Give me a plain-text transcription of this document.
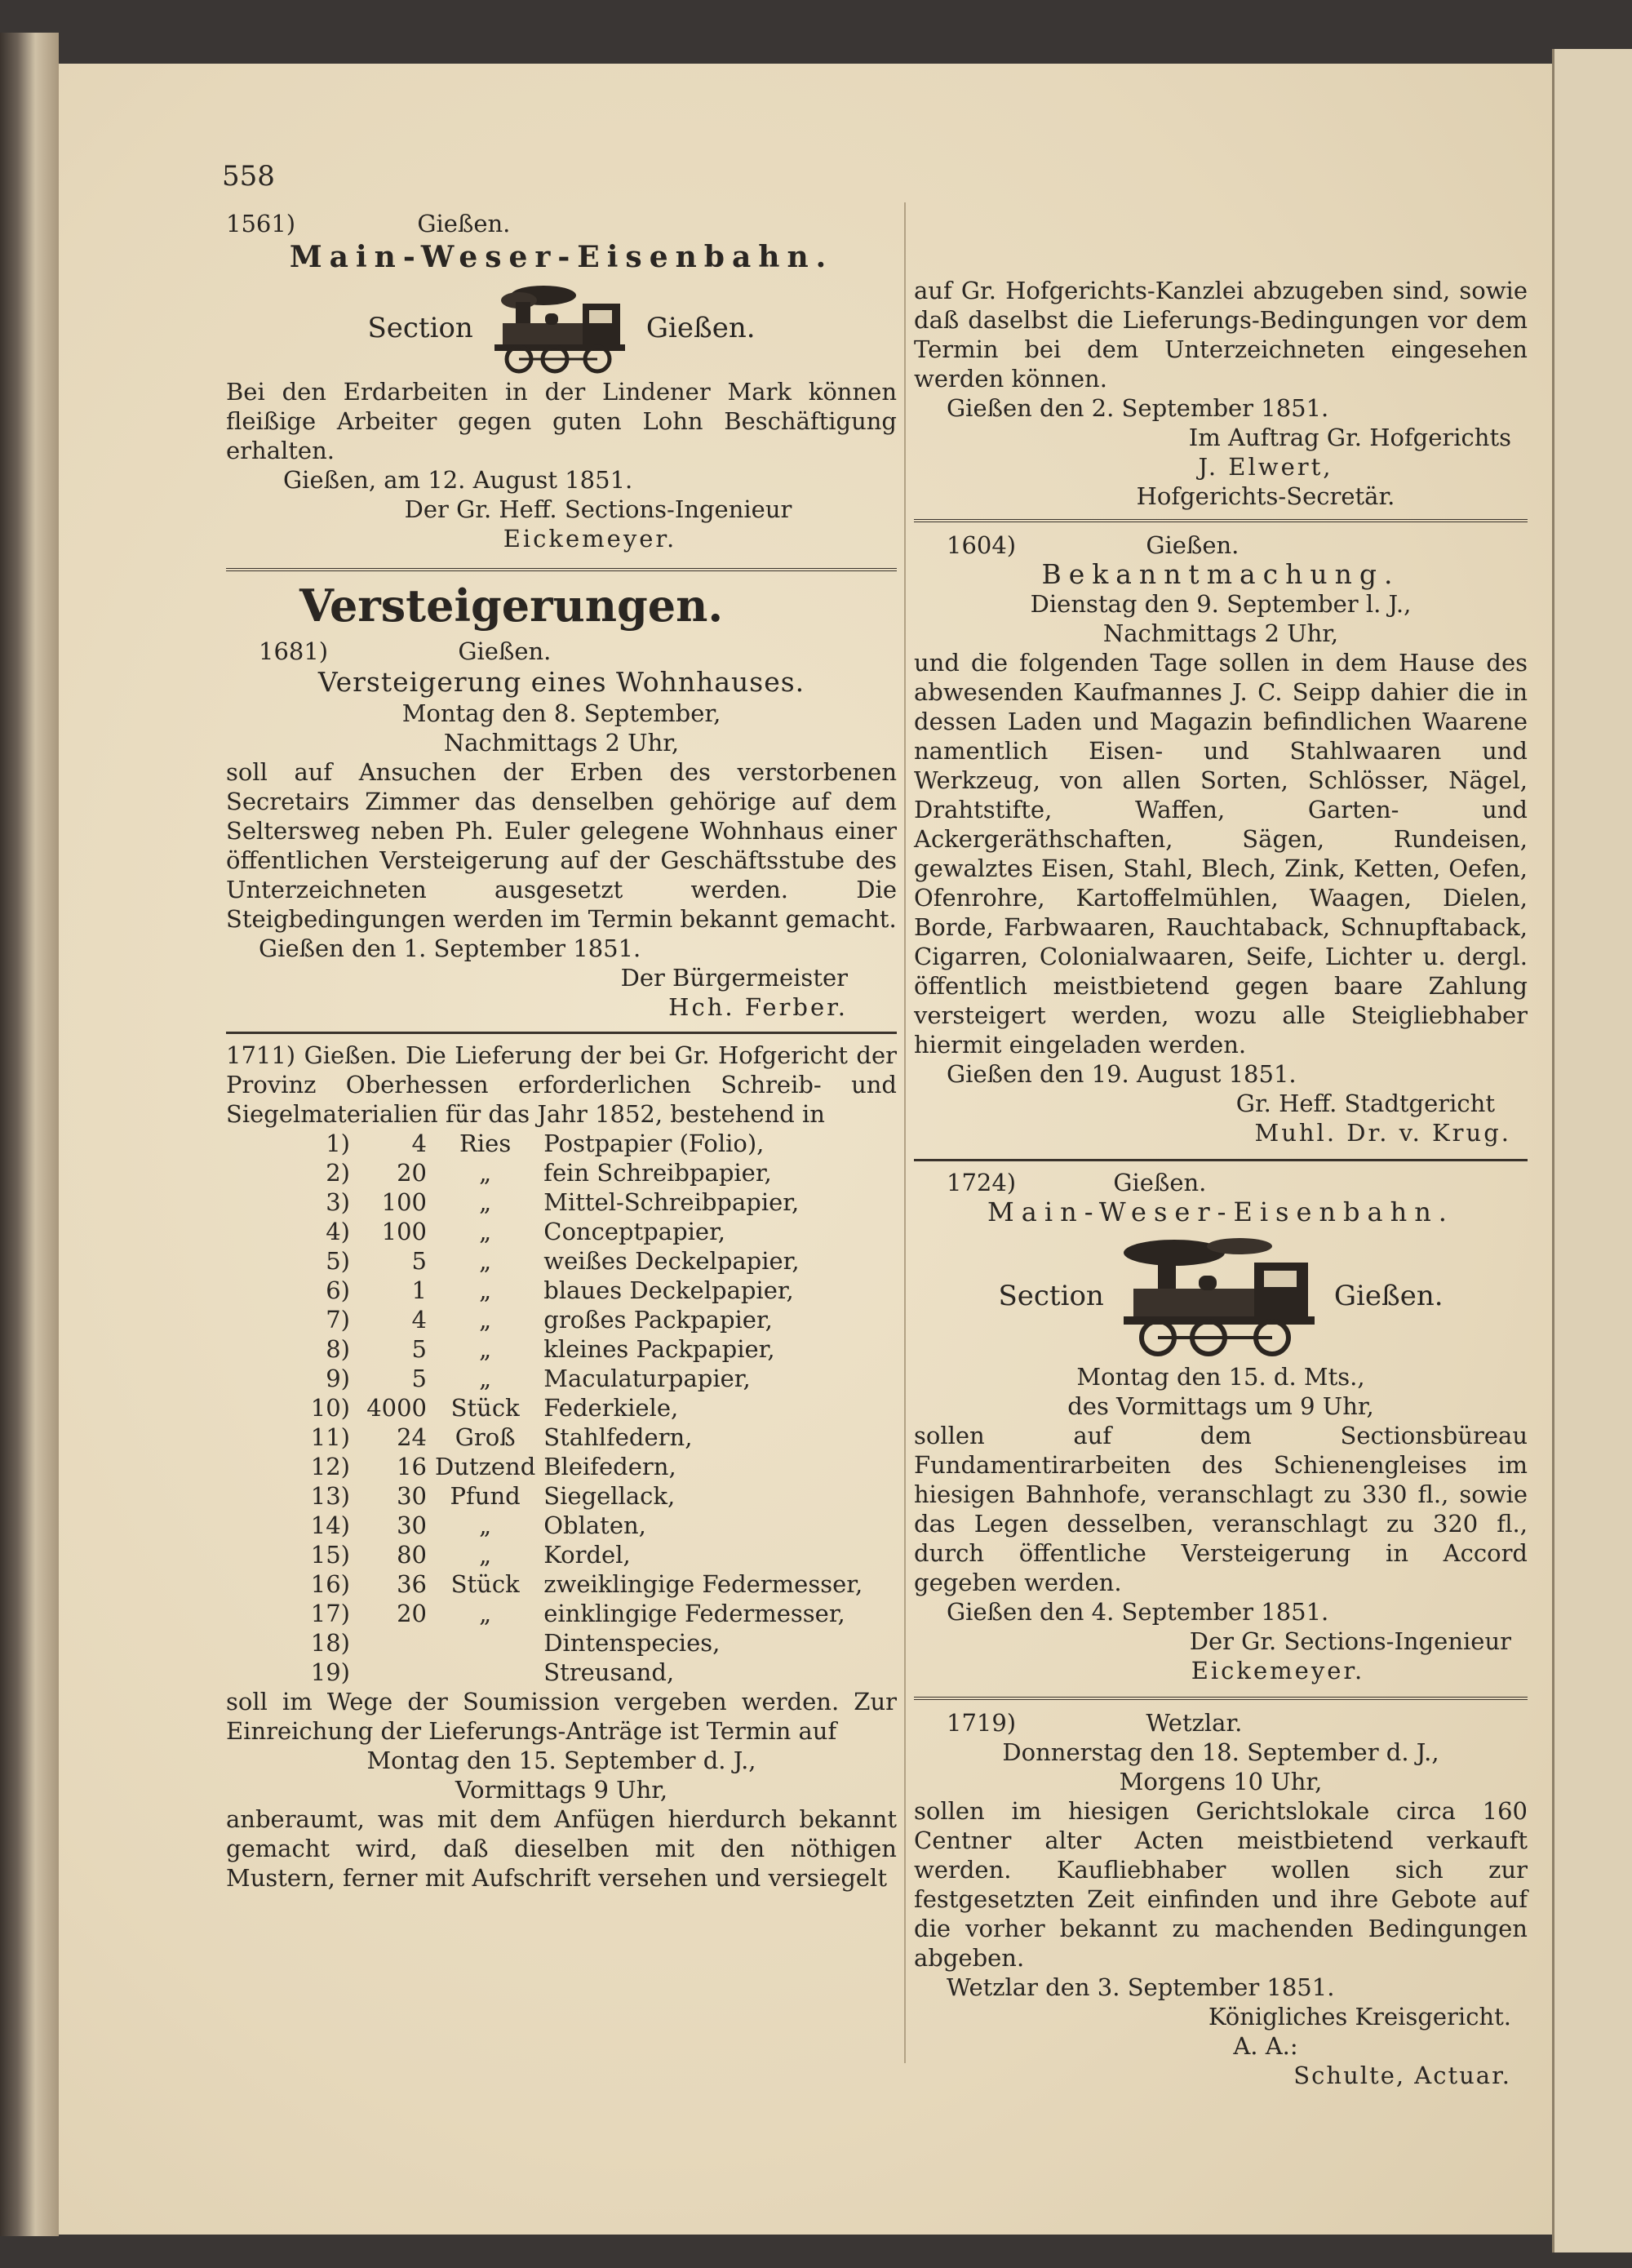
558

1561)	Gießen.

Main-Weser-Eisenbahn.

Section	Gießen.

Bei den Erdarbeiten in der Lindener Mark können fleißige Arbeiter gegen guten Lohn Beschäftigung erhalten.

Gießen, am 12. August 1851.

Der Gr. Heff. Sections-Ingenieur

Eickemeyer.

Versteigerungen.

1681)	Gießen.

Versteigerung eines Wohnhauses.

Montag den 8. September,

Nachmittags 2 Uhr,

soll auf Ansuchen der Erben des verstorbenen Secretairs Zimmer das denselben gehörige auf dem Seltersweg neben Ph. Euler gelegene Wohnhaus einer öffentlichen Versteigerung auf der Geschäftsstube des Unterzeichneten ausgesetzt werden. Die Steigbedingungen werden im Termin bekannt gemacht.

Gießen den 1. September 1851.

Der Bürgermeister

Hch. Ferber.

1711) Gießen. Die Lieferung der bei Gr. Hofgericht der Provinz Oberhessen erforderlichen Schreib- und Siegelmaterialien für das Jahr 1852, bestehend in

1)	4	Ries	Postpapier (Folio),
2)	20	„	fein Schreibpapier,
3)	100	„	Mittel-Schreibpapier,
4)	100	„	Conceptpapier,
5)	5	„	weißes Deckelpapier,
6)	1	„	blaues Deckelpapier,
7)	4	„	großes Packpapier,
8)	5	„	kleines Packpapier,
9)	5	„	Maculaturpapier,
10)	4000	Stück	Federkiele,
11)	24	Groß	Stahlfedern,
12)	16	Dutzend	Bleifedern,
13)	30	Pfund	Siegellack,
14)	30	„	Oblaten,
15)	80	„	Kordel,
16)	36	Stück	zweiklingige Federmesser,
17)	20	„	einklingige Federmesser,
18)			Dintenspecies,
19)			Streusand,

soll im Wege der Soumission vergeben werden. Zur Einreichung der Lieferungs-Anträge ist Termin auf

Montag den 15. September d. J.,

Vormittags 9 Uhr,

anberaumt, was mit dem Anfügen hierdurch bekannt gemacht wird, daß dieselben mit den nöthigen Mustern, ferner mit Aufschrift versehen und versiegelt

auf Gr. Hofgerichts-Kanzlei abzugeben sind, sowie daß daselbst die Lieferungs-Bedingungen vor dem Termin bei dem Unterzeichneten eingesehen werden können.

Gießen den 2. September 1851.

Im Auftrag Gr. Hofgerichts

J. Elwert,

Hofgerichts-Secretär.

1604)	Gießen.

Bekanntmachung.

Dienstag den 9. September l. J.,

Nachmittags 2 Uhr,

und die folgenden Tage sollen in dem Hause des abwesenden Kaufmannes J. C. Seipp dahier die in dessen Laden und Magazin befindlichen Waarene namentlich Eisen- und Stahlwaaren und Werkzeug, von allen Sorten, Schlösser, Nägel, Drahtstifte, Waffen, Garten- und Ackergeräthschaften, Sägen, Rundeisen, gewalztes Eisen, Stahl, Blech, Zink, Ketten, Oefen, Ofenrohre, Kartoffelmühlen, Waagen, Dielen, Borde, Farbwaaren, Rauchtaback, Schnupftaback, Cigarren, Colonialwaaren, Seife, Lichter u. dergl. öffentlich meistbietend gegen baare Zahlung versteigert werden, wozu alle Steigliebhaber hiermit eingeladen werden.

Gießen den 19. August 1851.

Gr. Heff. Stadtgericht

Muhl. Dr. v. Krug.

1724)	Gießen.

Main-Weser-Eisenbahn.

Section	Gießen.

Montag den 15. d. Mts.,

des Vormittags um 9 Uhr,

sollen auf dem Sectionsbüreau Fundamentirarbeiten des Schienengleises im hiesigen Bahnhofe, veranschlagt zu 330 fl., sowie das Legen desselben, veranschlagt zu 320 fl., durch öffentliche Versteigerung in Accord gegeben werden.

Gießen den 4. September 1851.

Der Gr. Sections-Ingenieur

Eickemeyer.

1719)	Wetzlar.

Donnerstag den 18. September d. J.,

Morgens 10 Uhr,

sollen im hiesigen Gerichtslokale circa 160 Centner alter Acten meistbietend verkauft werden. Kaufliebhaber wollen sich zur festgesetzten Zeit einfinden und ihre Gebote auf die vorher bekannt zu machenden Bedingungen abgeben.

Wetzlar den 3. September 1851.

Königliches Kreisgericht.

A. A.:

Schulte, Actuar.
